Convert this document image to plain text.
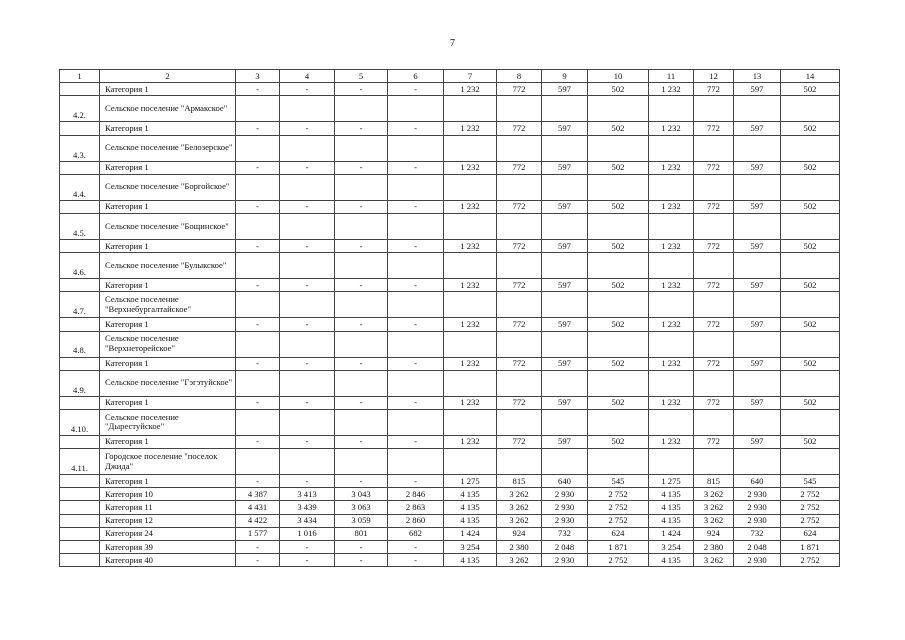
7
1	2	3	4	5	6	7	8	9	10	11	12	13	14
	Категория 1	-	-	-	-	1 232	772	597	502	1 232	772	597	502
4.2.	Сельское поселение "Армакское"												
	Категория 1	-	-	-	-	1 232	772	597	502	1 232	772	597	502
4.3.	Сельское поселение "Белозерское"												
	Категория 1	-	-	-	-	1 232	772	597	502	1 232	772	597	502
4.4.	Сельское поселение "Боргойское"												
	Категория 1	-	-	-	-	1 232	772	597	502	1 232	772	597	502
4.5.	Сельское поселение "Бощинское"												
	Категория 1	-	-	-	-	1 232	772	597	502	1 232	772	597	502
4.6.	Сельское поселение "Булыкское"												
	Категория 1	-	-	-	-	1 232	772	597	502	1 232	772	597	502
4.7.	Сельское поселение "Верхнебургалтайское"												
	Категория 1	-	-	-	-	1 232	772	597	502	1 232	772	597	502
4.8.	Сельское поселение "Верхнеторейское"												
	Категория 1	-	-	-	-	1 232	772	597	502	1 232	772	597	502
4.9.	Сельское поселение "Гэгэтуйское"												
	Категория 1	-	-	-	-	1 232	772	597	502	1 232	772	597	502
4.10.	Сельское поселение "Дырестуйское"												
	Категория 1	-	-	-	-	1 232	772	597	502	1 232	772	597	502
4.11.	Городское поселение "поселок Джида"												
	Категория 1	-	-	-	-	1 275	815	640	545	1 275	815	640	545
	Категория 10	4 387	3 413	3 043	2 846	4 135	3 262	2 930	2 752	4 135	3 262	2 930	2 752
	Категория 11	4 431	3 439	3 063	2 863	4 135	3 262	2 930	2 752	4 135	3 262	2 930	2 752
	Категория 12	4 422	3 434	3 059	2 860	4 135	3 262	2 930	2 752	4 135	3 262	2 930	2 752
	Категория 24	1 577	1 016	801	682	1 424	924	732	624	1 424	924	732	624
	Категория 39	-	-	-	-	3 254	2 380	2 048	1 871	3 254	2 380	2 048	1 871
	Категория 40	-	-	-	-	4 135	3 262	2 930	2 752	4 135	3 262	2 930	2 752
